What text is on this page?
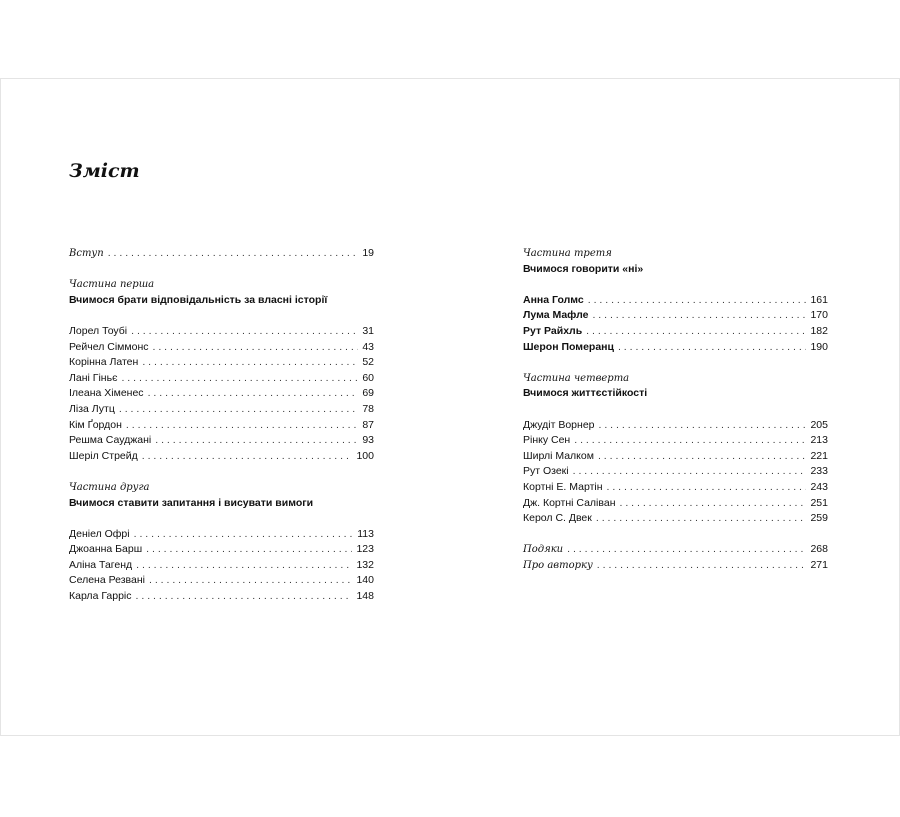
Зміст
Вступ . . .	19
Частина перша
Вчимося брати відповідальність за власні історії
Лорел Тоубі . . .	31
Рейчел Сіммонс . . .	43
Корінна Латен . . .	52
Лані Гіньє . . .	60
Ілеана Хіменес . . .	69
Ліза Лутц . . .	78
Кім Ґордон . . .	87
Решма Сауджані . . .	93
Шеріл Стрейд . . .	100
Частина друга
Вчимося ставити запитання і висувати вимоги
Деніел Офрі . . .	113
Джоанна Барш . . .	123
Аліна Тагенд . . .	132
Селена Резвані . . .	140
Карла Гарріс . . .	148
Частина третя
Вчимося говорити «ні»
Анна Голмс . . .	161
Лума Мафле . . .	170
Рут Райхль . . .	182
Шерон Померанц . . .	190
Частина четверта
Вчимося життєстійкості
Джудіт Ворнер . . .	205
Рінку Сен . . .	213
Ширлі Малком . . .	221
Рут Озекі . . .	233
Кортні Е. Мартін . . .	243
Дж. Кортні Саліван . . .	251
Керол С. Двек . . .	259
Подяки . . .	268
Про авторку . . .	271
